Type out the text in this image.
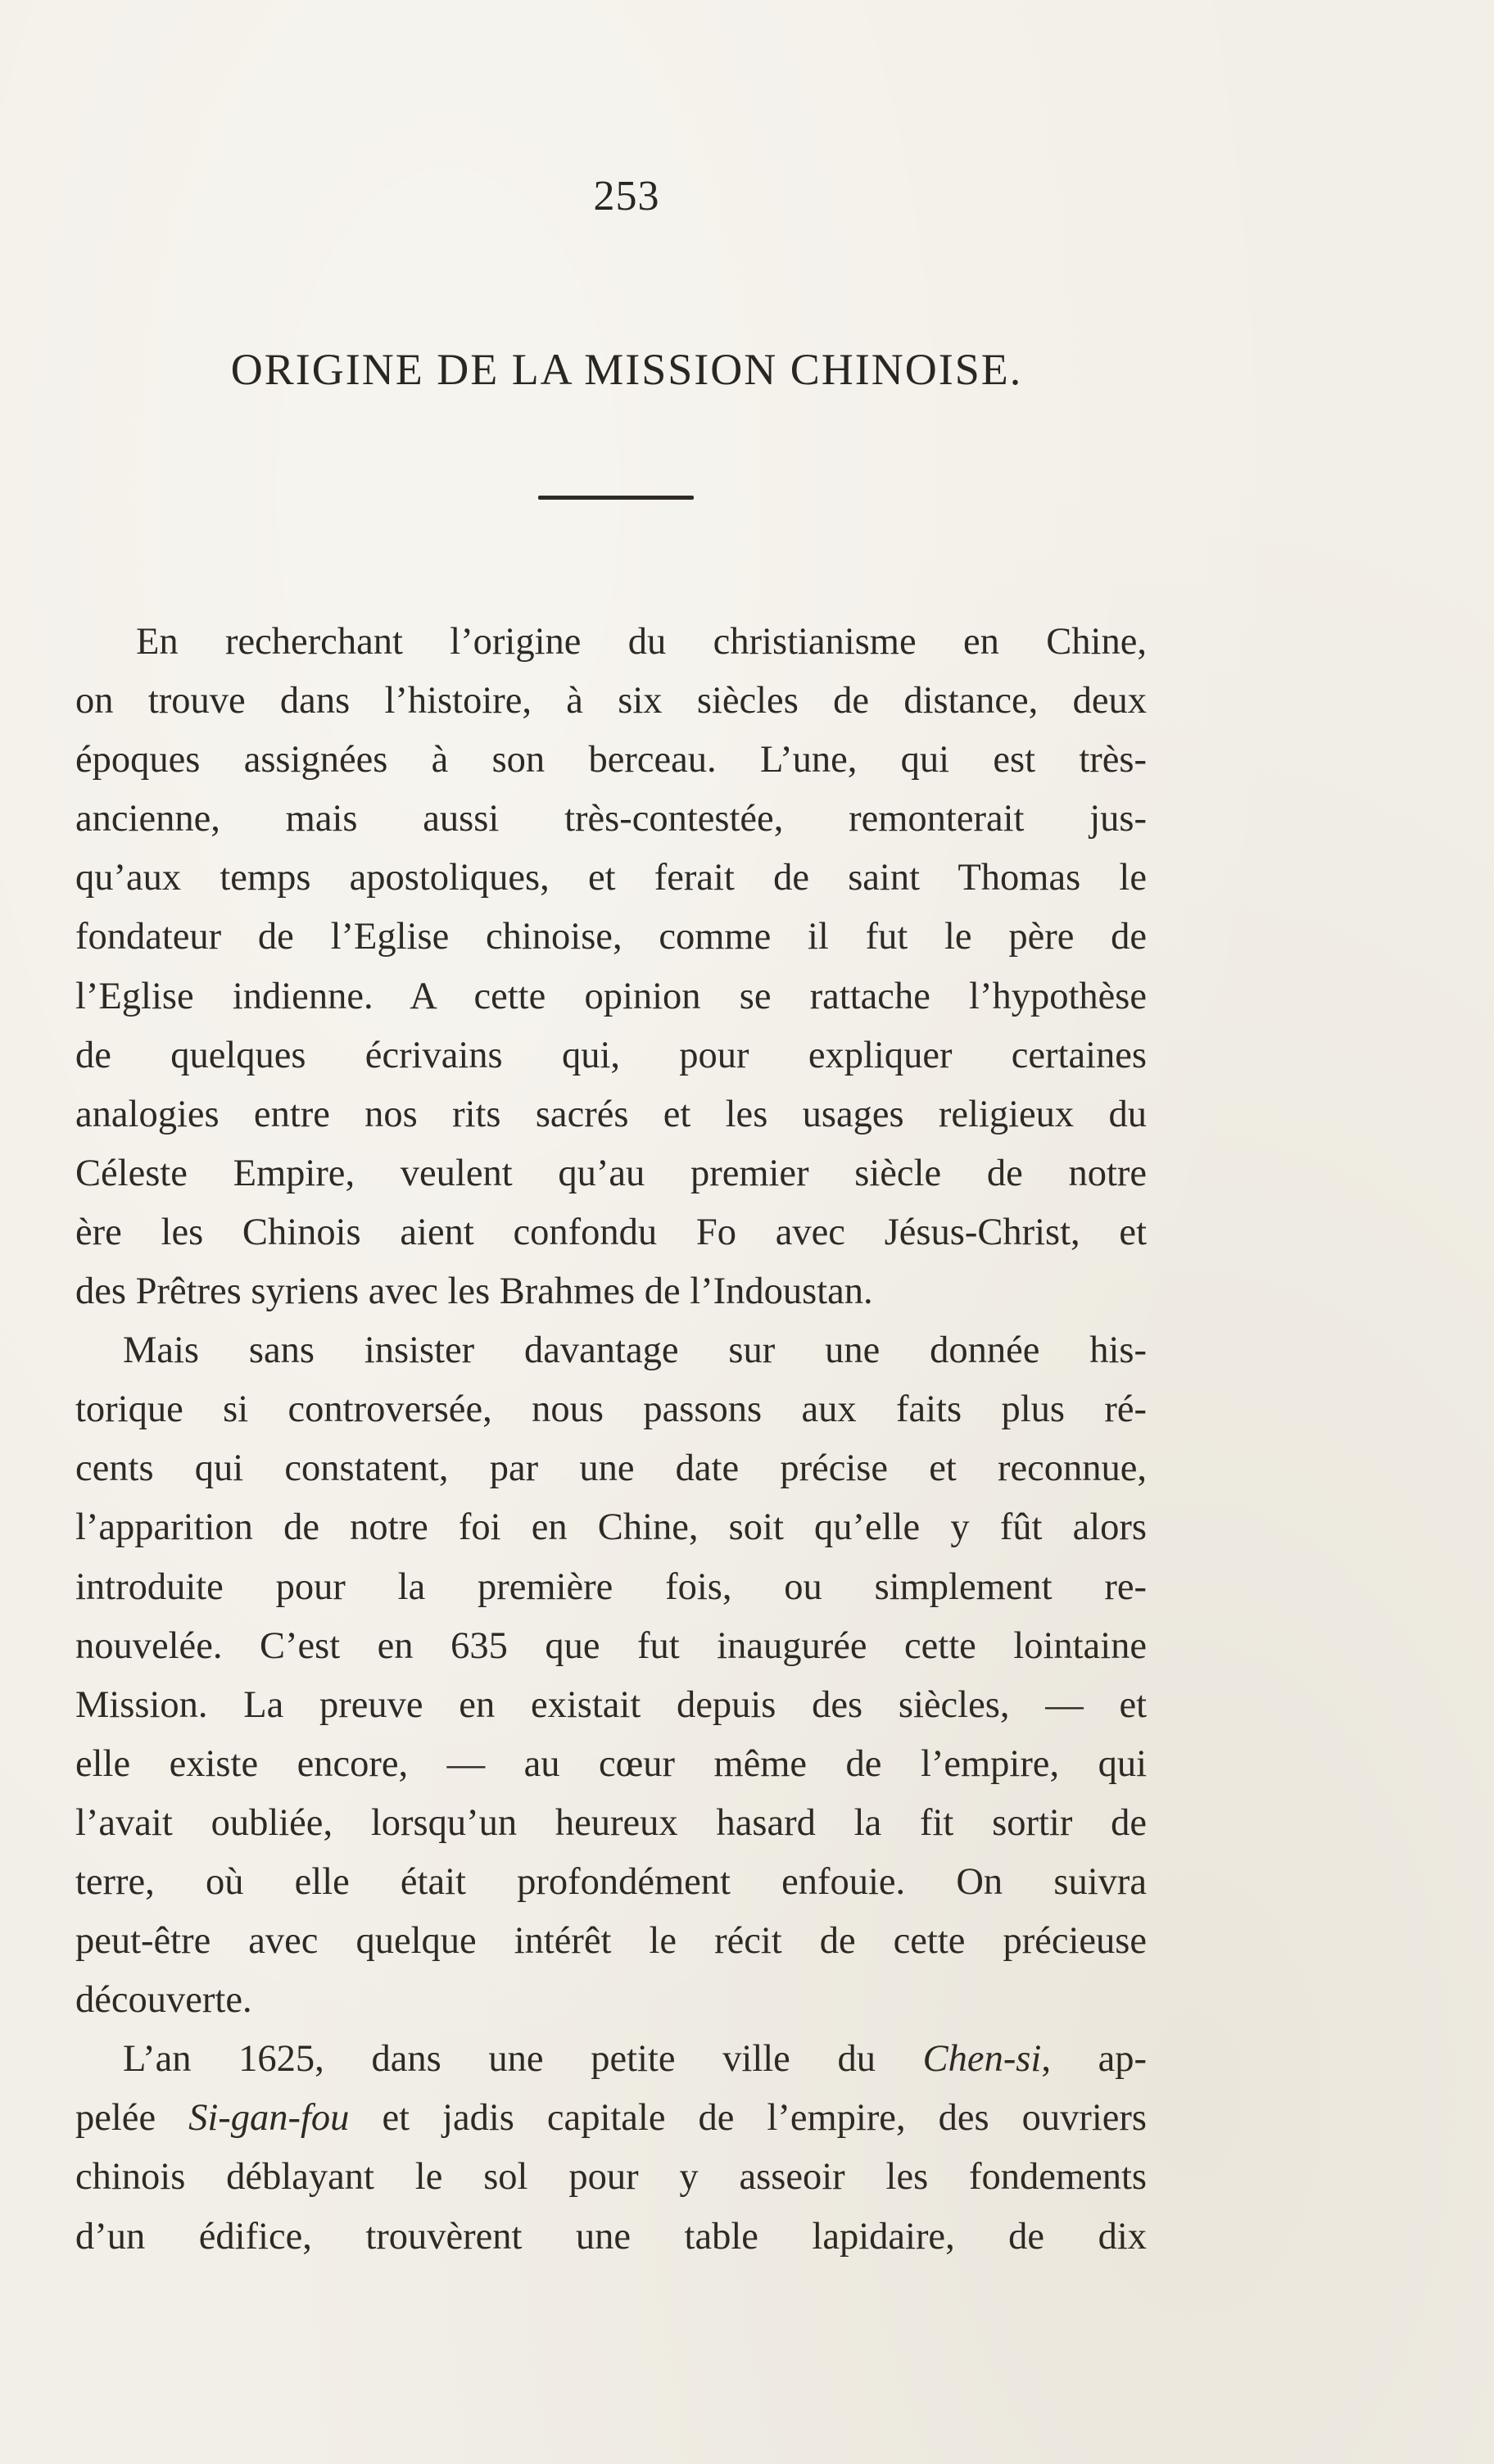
253
ORIGINE DE LA MISSION CHINOISE.
En recherchant l’origine du christianisme en Chine,
on trouve dans l’histoire, à six siècles de distance, deux
époques assignées à son berceau. L’une, qui est très-
ancienne, mais aussi très-contestée, remonterait jus-
qu’aux temps apostoliques, et ferait de saint Thomas le
fondateur de l’Eglise chinoise, comme il fut le père de
l’Eglise indienne. A cette opinion se rattache l’hypothèse
de quelques écrivains qui, pour expliquer certaines
analogies entre nos rits sacrés et les usages religieux du
Céleste Empire, veulent qu’au premier siècle de notre
ère les Chinois aient confondu Fo avec Jésus-Christ, et
des Prêtres syriens avec les Brahmes de l’Indoustan.
Mais sans insister davantage sur une donnée his-
torique si controversée, nous passons aux faits plus ré-
cents qui constatent, par une date précise et reconnue,
l’apparition de notre foi en Chine, soit qu’elle y fût alors
introduite pour la première fois, ou simplement re-
nouvelée. C’est en 635 que fut inaugurée cette lointaine
Mission. La preuve en existait depuis des siècles, — et
elle existe encore, — au cœur même de l’empire, qui
l’avait oubliée, lorsqu’un heureux hasard la fit sortir de
terre, où elle était profondément enfouie. On suivra
peut-être avec quelque intérêt le récit de cette précieuse
découverte.
L’an 1625, dans une petite ville du Chen-si, ap-
pelée Si-gan-fou et jadis capitale de l’empire, des ouvriers
chinois déblayant le sol pour y asseoir les fondements
d’un édifice, trouvèrent une table lapidaire, de dix
